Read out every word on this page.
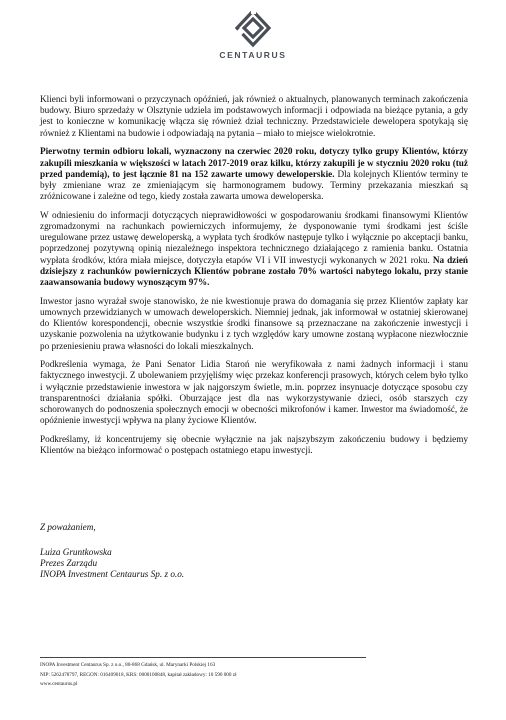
CENTAURUS

Klienci byli informowani o przyczynach opóźnień, jak również o aktualnych, planowanych terminach zakończenia budowy. Biuro sprzedaży w Olsztynie udziela im podstawowych informacji i odpowiada na bieżące pytania, a gdy jest to konieczne w komunikację włącza się również dział techniczny. Przedstawiciele dewelopera spotykają się również z Klientami na budowie i odpowiadają na pytania – miało to miejsce wielokrotnie.

Pierwotny termin odbioru lokali, wyznaczony na czerwiec 2020 roku, dotyczy tylko grupy Klientów, którzy zakupili mieszkania w większości w latach 2017-2019 oraz kilku, którzy zakupili je w styczniu 2020 roku (tuż przed pandemią), to jest łącznie 81 na 152 zawarte umowy deweloperskie. Dla kolejnych Klientów terminy te były zmieniane wraz ze zmieniającym się harmonogramem budowy. Terminy przekazania mieszkań są zróżnicowane i zależne od tego, kiedy została zawarta umowa deweloperska.

W odniesieniu do informacji dotyczących nieprawidłowości w gospodarowaniu środkami finansowymi Klientów zgromadzonymi na rachunkach powierniczych informujemy, że dysponowanie tymi środkami jest ściśle uregulowane przez ustawę deweloperską, a wypłata tych środków następuje tylko i wyłącznie po akceptacji banku, poprzedzonej pozytywną opinią niezależnego inspektora technicznego działającego z ramienia banku. Ostatnia wypłata środków, która miała miejsce, dotyczyła etapów VI i VII inwestycji wykonanych w 2021 roku. Na dzień dzisiejszy z rachunków powierniczych Klientów pobrane zostało 70% wartości nabytego lokalu, przy stanie zaawansowania budowy wynoszącym 97%.

Inwestor jasno wyrażał swoje stanowisko, że nie kwestionuje prawa do domagania się przez Klientów zapłaty kar umownych przewidzianych w umowach deweloperskich. Niemniej jednak, jak informował w ostatniej skierowanej do Klientów korespondencji, obecnie wszystkie środki finansowe są przeznaczane na zakończenie inwestycji i uzyskanie pozwolenia na użytkowanie budynku i z tych względów kary umowne zostaną wypłacone niezwłocznie po przeniesieniu prawa własności do lokali mieszkalnych.

Podkreślenia wymaga, że Pani Senator Lidia Staroń nie weryfikowała z nami żadnych informacji i stanu faktycznego inwestycji. Z ubolewaniem przyjęliśmy więc przekaz konferencji prasowych, których celem było tylko i wyłącznie przedstawienie inwestora w jak najgorszym świetle, m.in. poprzez insynuacje dotyczące sposobu czy transparentności działania spółki. Oburzające jest dla nas wykorzystywanie dzieci, osób starszych czy schorowanych do podnoszenia społecznych emocji w obecności mikrofonów i kamer. Inwestor ma świadomość, że opóźnienie inwestycji wpływa na plany życiowe Klientów.

Podkreślamy, iż koncentrujemy się obecnie wyłącznie na jak najszybszym zakończeniu budowy i będziemy Klientów na bieżąco informować o postępach ostatniego etapu inwestycji.

Z poważaniem,
Luiza Gruntkowska
Prezes Zarządu
INOPA Investment Centaurus Sp. z o.o.
INOPA Investment Centaurus Sp. z o.o., 80-868 Gdańsk, ul. Marynarki Polskiej 163
NIP: 5262478797, REGON: 016409018, KRS: 0000100848, kapitał zakładowy: 10 590 000 zł
www.centaurus.pl
